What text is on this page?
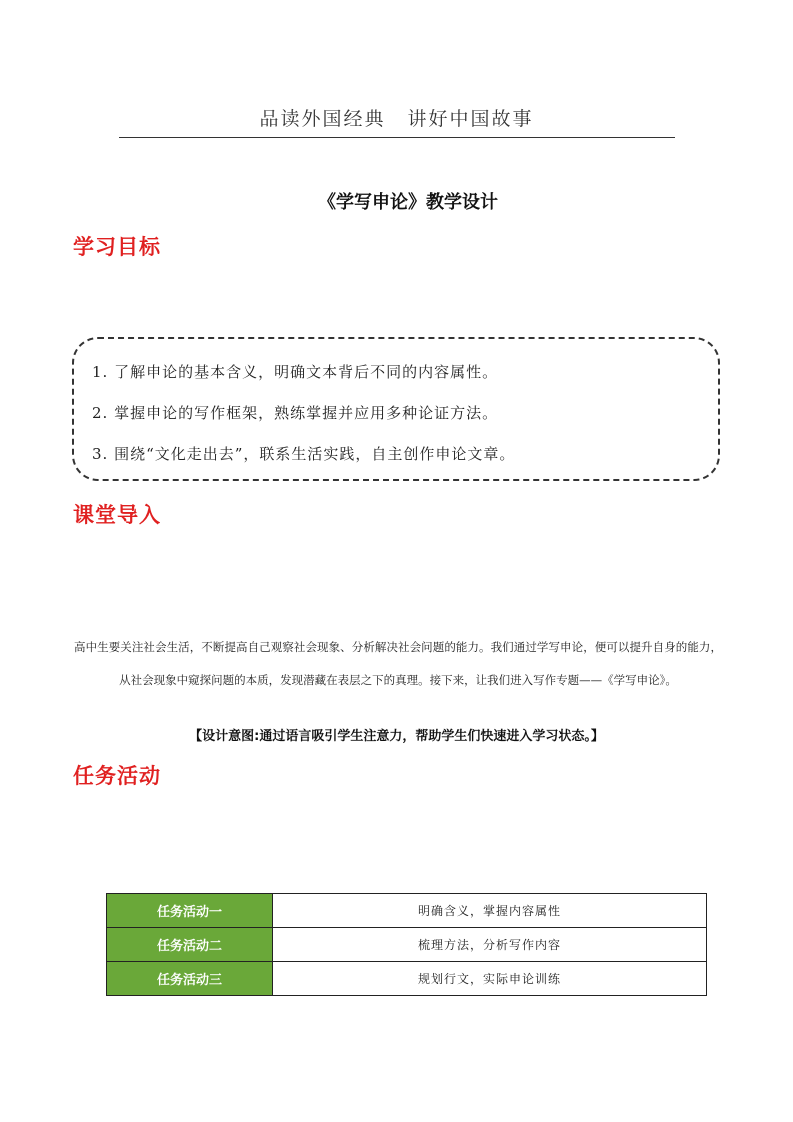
品读外国经典 讲好中国故事
《学写申论》教学设计
学习目标
1. 了解申论的基本含义，明确文本背后不同的内容属性。
2. 掌握申论的写作框架，熟练掌握并应用多种论证方法。
3. 围绕“文化走出去”，联系生活实践，自主创作申论文章。
课堂导入
高中生要关注社会生活，不断提高自己观察社会现象、分析解决社会问题的能力。我们通过学写申论，便可以提升自身的能力，从社会现象中窥探问题的本质，发现潜藏在表层之下的真理。接下来，让我们进入写作专题——《学写申论》。
【设计意图:通过语言吸引学生注意力，帮助学生们快速进入学习状态。】
任务活动
任务活动一	明确含义，掌握内容属性
任务活动二	梳理方法，分析写作内容
任务活动三	规划行文，实际申论训练
